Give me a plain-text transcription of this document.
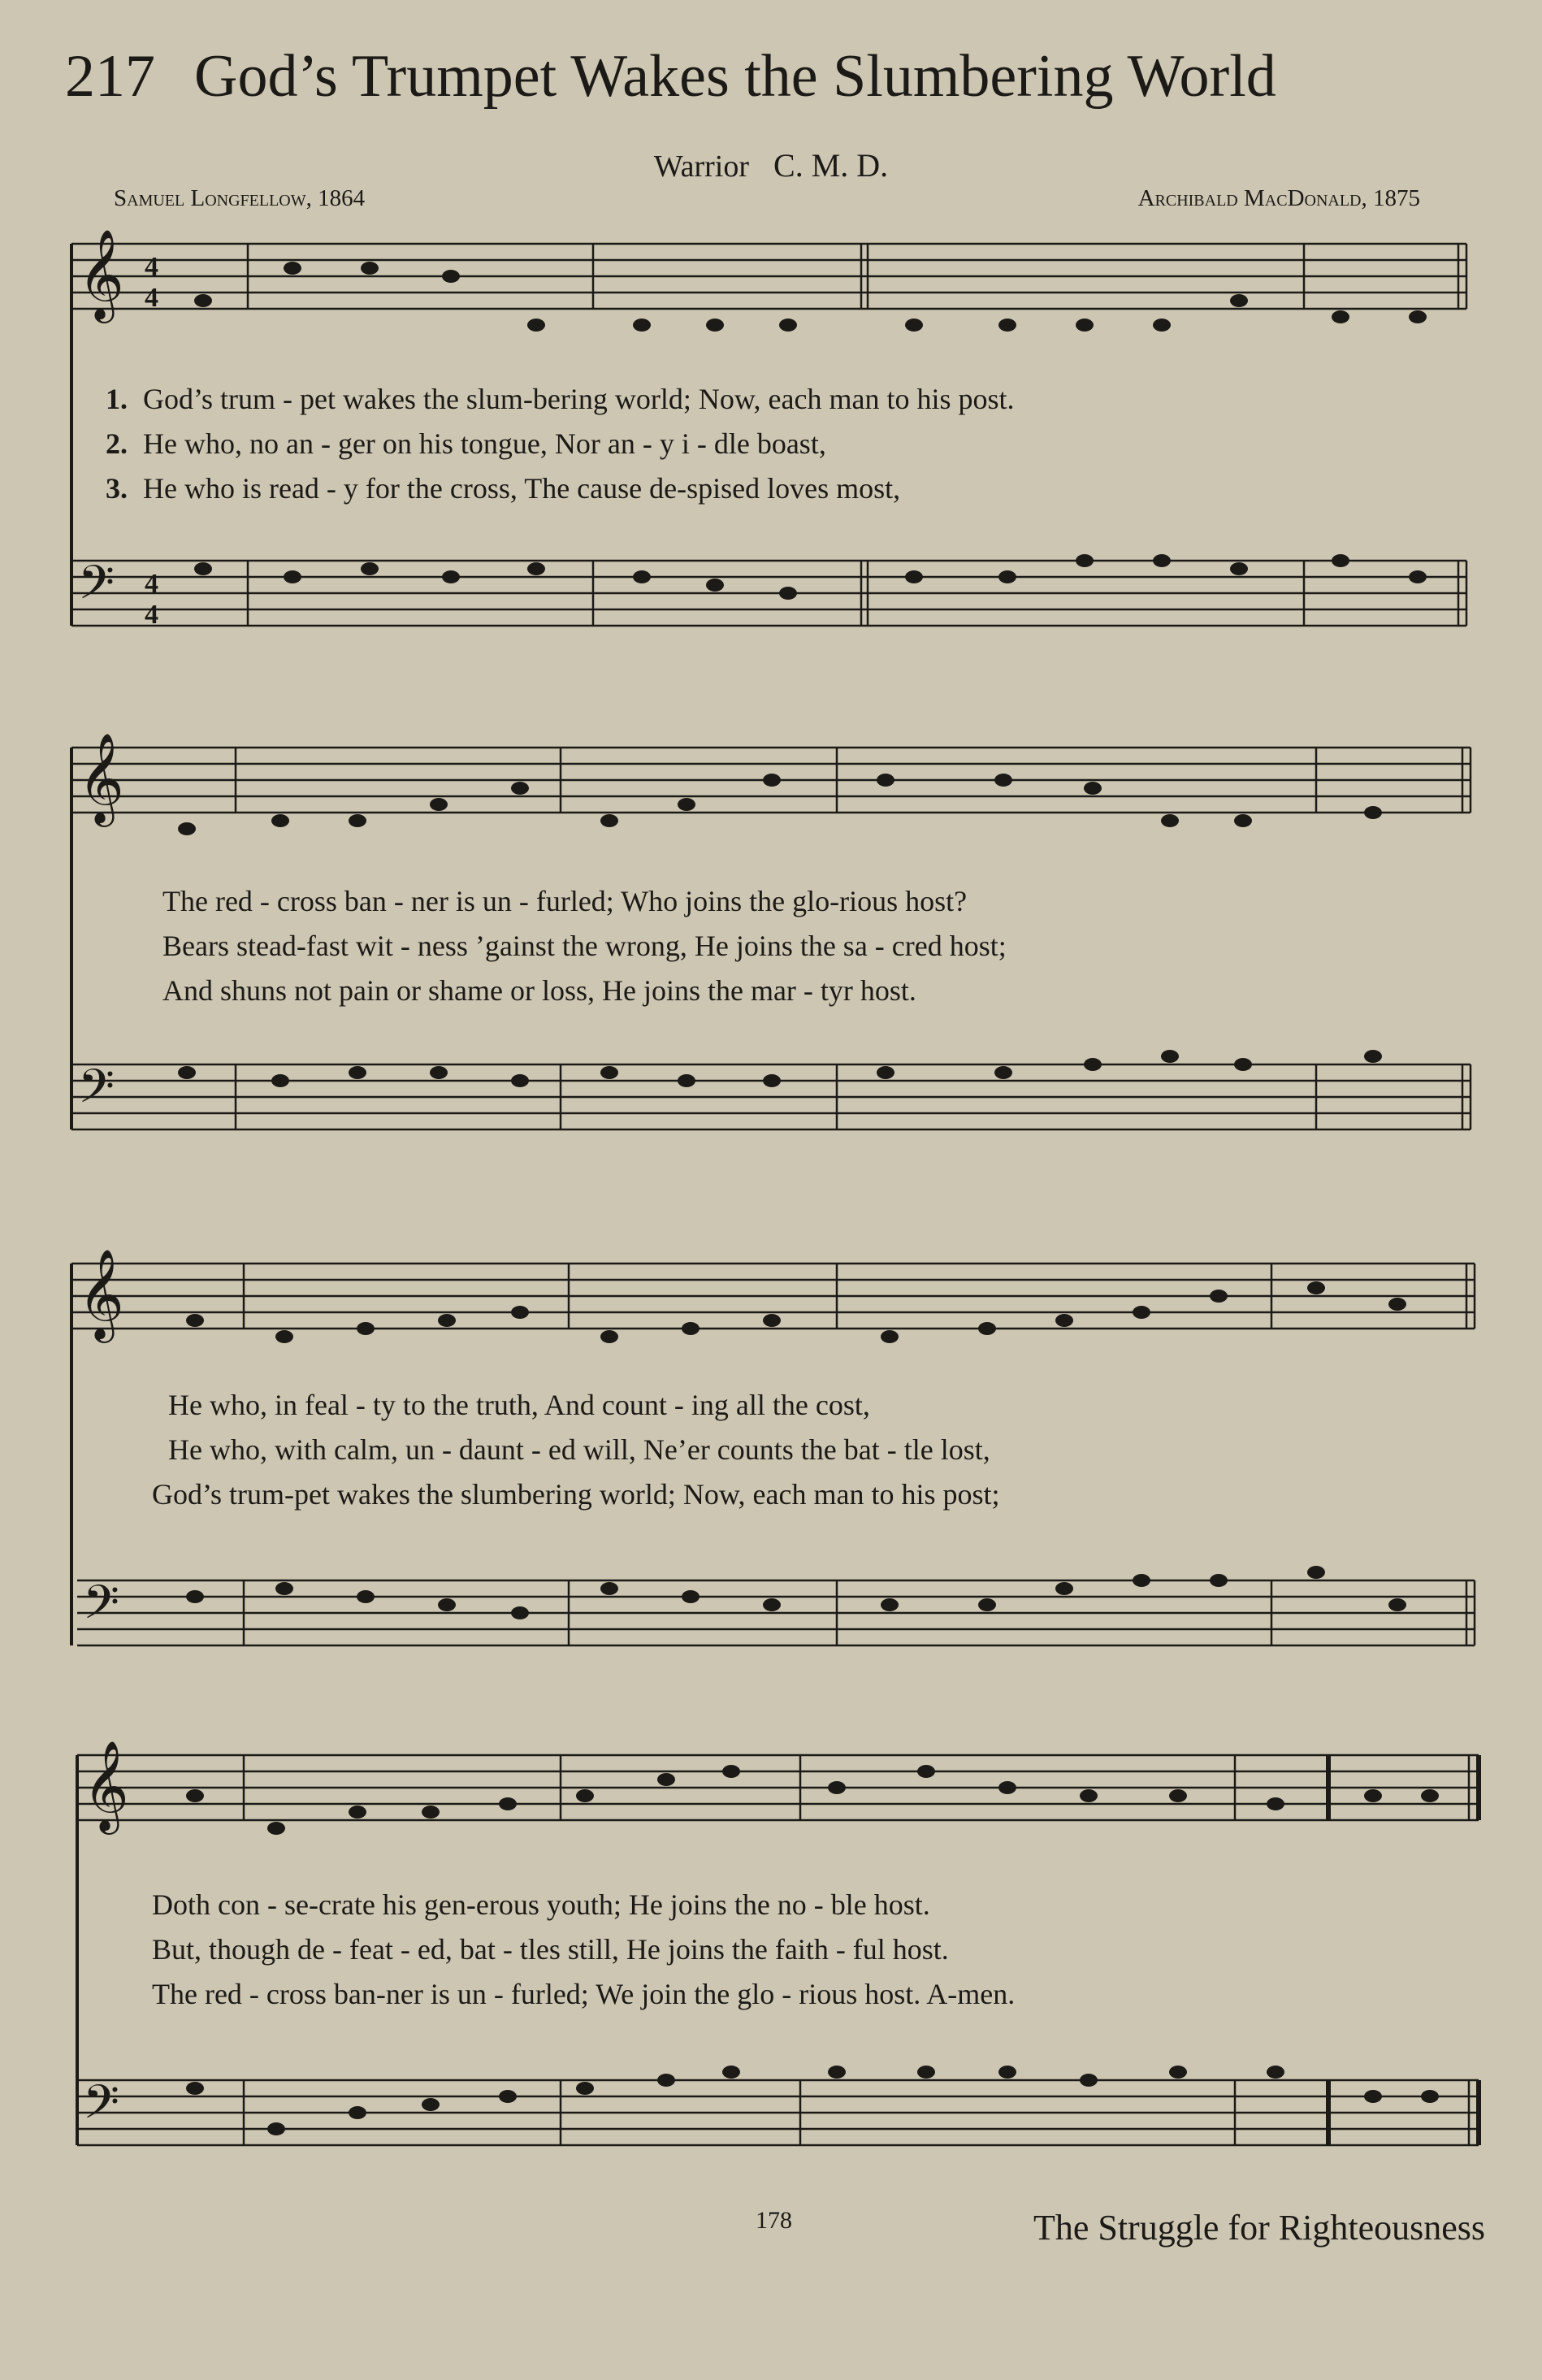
217 God’s Trumpet Wakes the Slumbering World
Warrior C. M. D.
Samuel Longfellow, 1864	Archibald MacDonald, 1875
𝄞 4
4
𝄢 4
4
1. God’s trum - pet wakes the slum-bering world; Now, each man to his post.
2. He who, no an - ger on his tongue, Nor an - y i - dle boast,
3. He who is read - y for the cross, The cause de-spised loves most,
𝄞
𝄢
The red - cross ban - ner is un - furled; Who joins the glo-rious host?
Bears stead-fast wit - ness ’gainst the wrong, He joins the sa - cred host;
And shuns not pain or shame or loss, He joins the mar - tyr host.
𝄞
𝄢
He who, in feal - ty to the truth, And count - ing all the cost,
He who, with calm, un - daunt - ed will, Ne’er counts the bat - tle lost,
God’s trum-pet wakes the slumbering world; Now, each man to his post;
𝄞
𝄢
Doth con - se-crate his gen-erous youth; He joins the no - ble host.
But, though de - feat - ed, bat - tles still, He joins the faith - ful host.
The red - cross ban-ner is un - furled; We join the glo - rious host. A-men.
178	The Struggle for Righteousness
